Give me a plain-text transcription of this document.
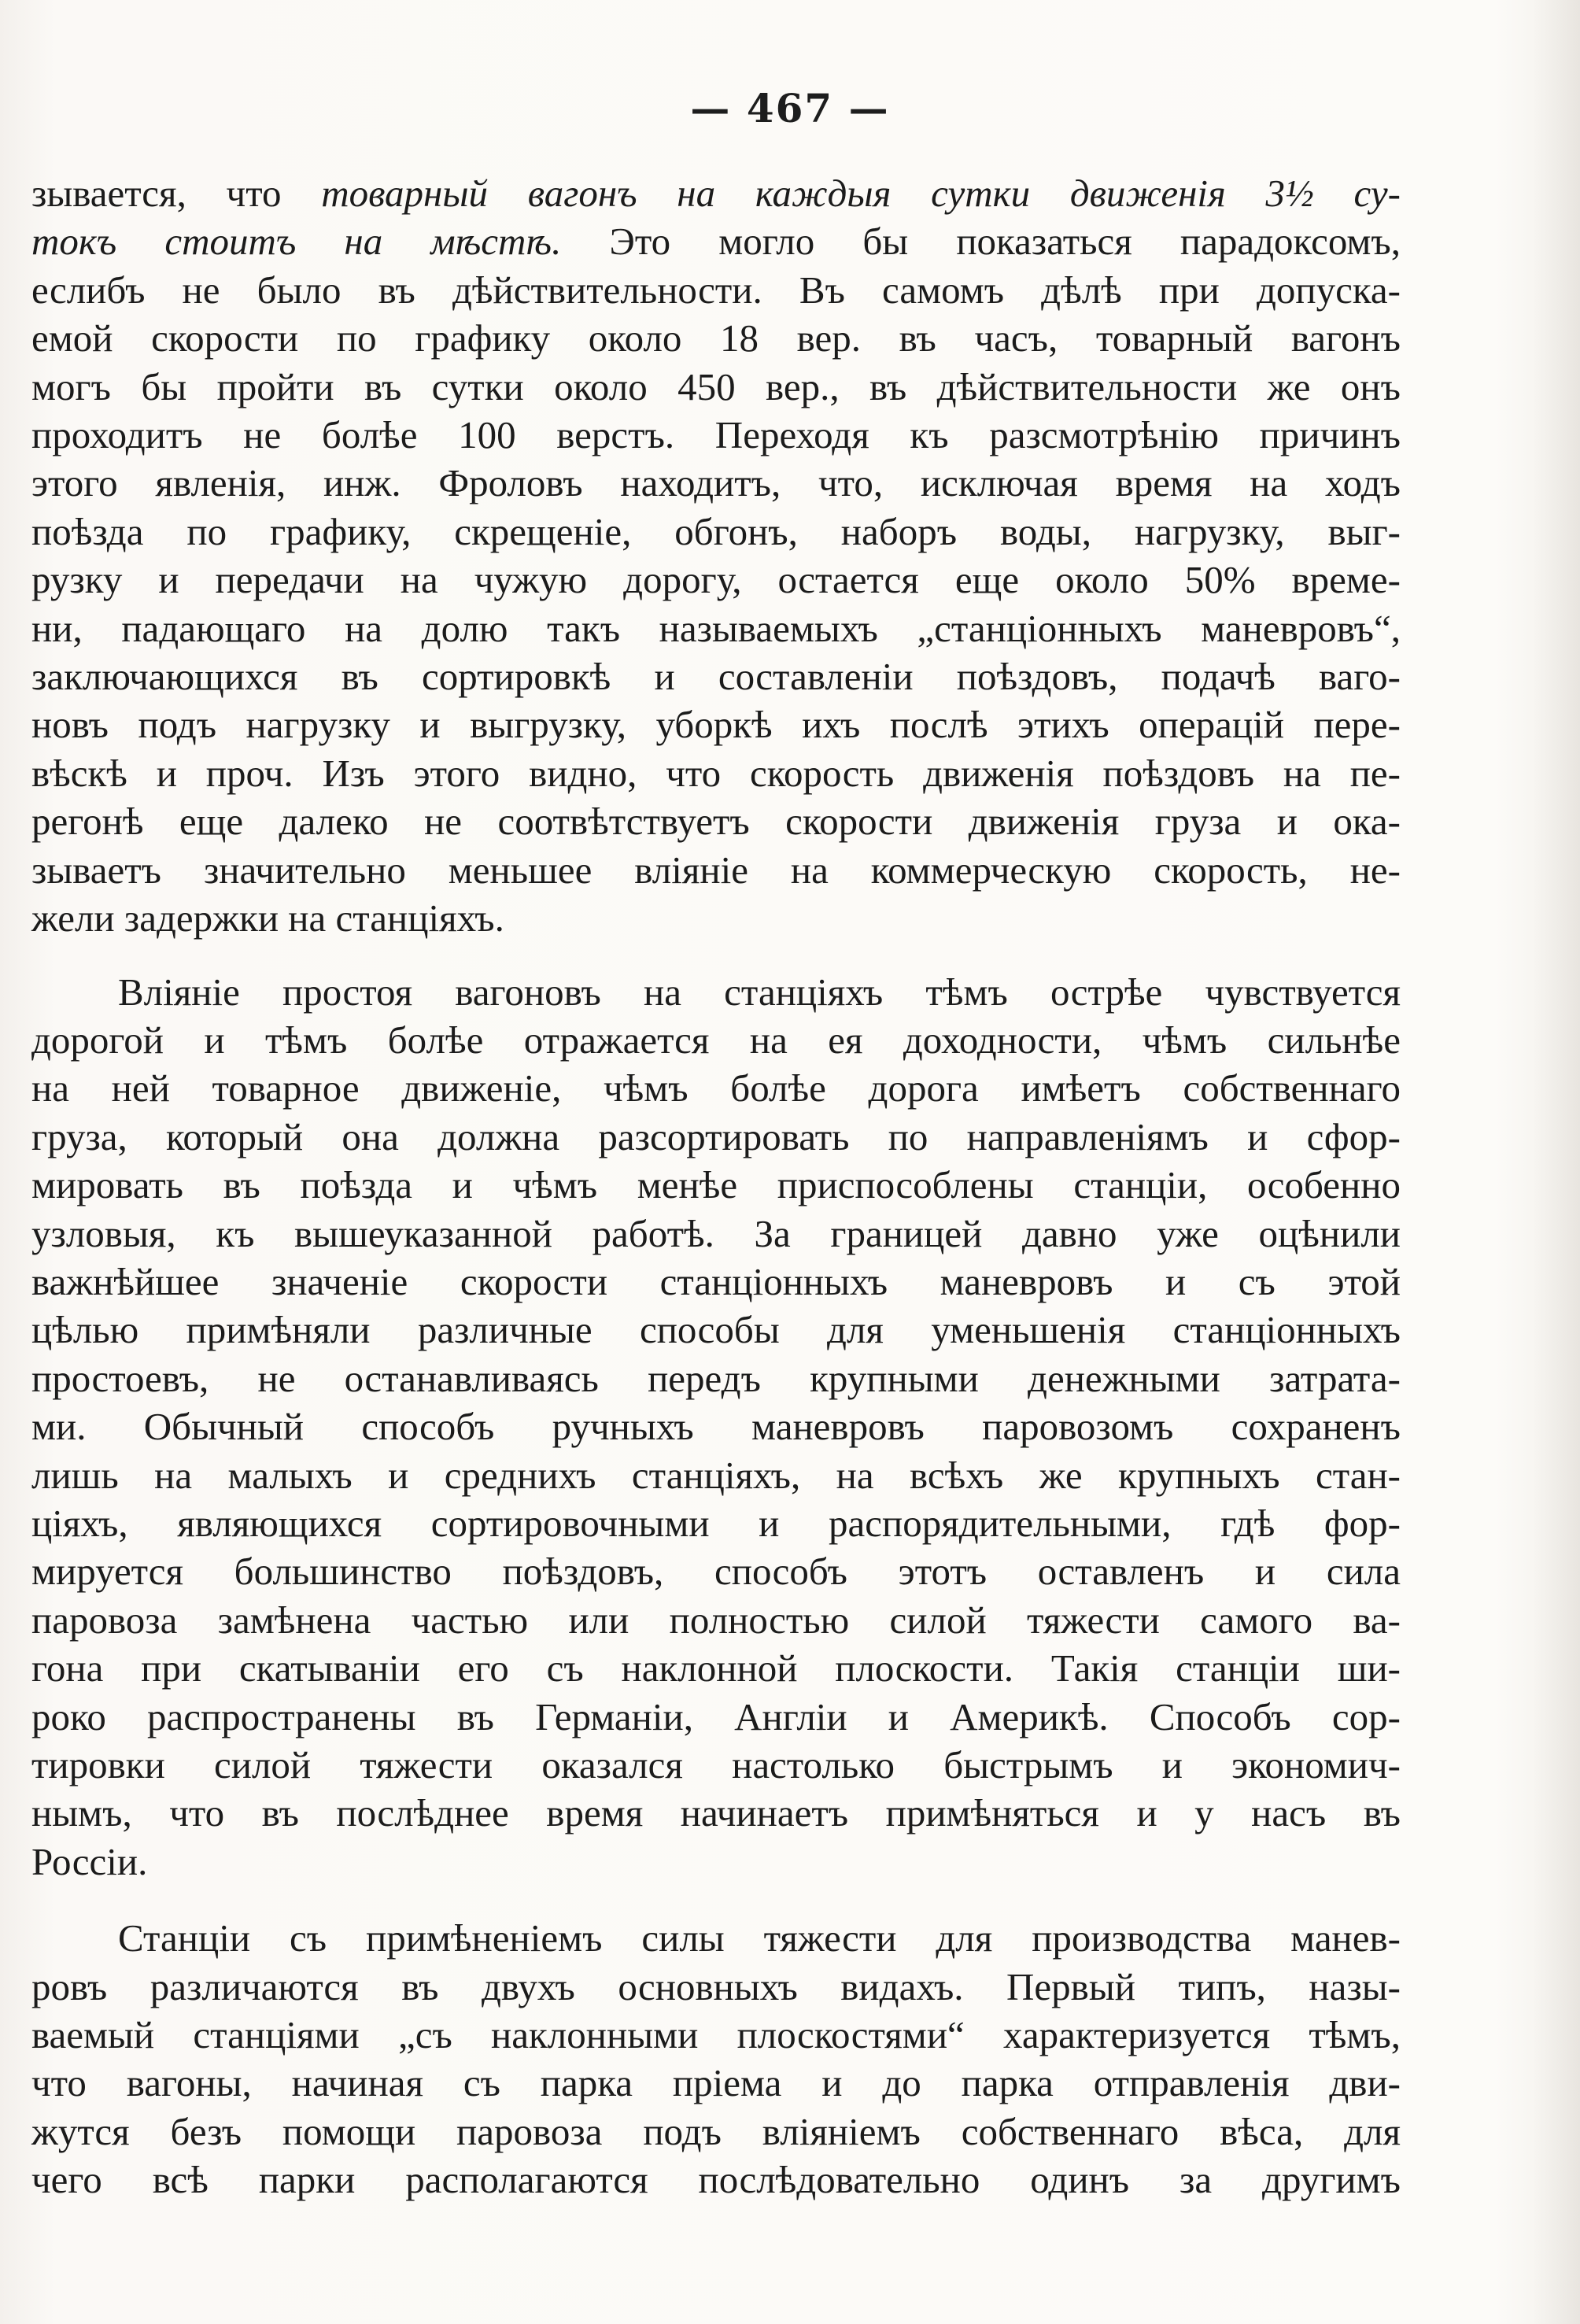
— 467 —
зывается, что товарный вагонъ на каждыя сутки движенія 3½ су-
токъ стоитъ на мѣстѣ. Это могло бы показаться парадоксомъ,
еслибъ не было въ дѣйствительности. Въ самомъ дѣлѣ при допуска-
емой скорости по графику около 18 вер. въ часъ, товарный вагонъ
могъ бы пройти въ сутки около 450 вер., въ дѣйствительности же онъ
проходитъ не болѣе 100 верстъ. Переходя къ разсмотрѣнію причинъ
этого явленія, инж. Фроловъ находитъ, что, исключая время на ходъ
поѣзда по графику, скрещеніе, обгонъ, наборъ воды, нагрузку, выг-
рузку и передачи на чужую дорогу, остается еще около 50% време-
ни, падающаго на долю такъ называемыхъ „станціонныхъ маневровъ“,
заключающихся въ сортировкѣ и составленіи поѣздовъ, подачѣ ваго-
новъ подъ нагрузку и выгрузку, уборкѣ ихъ послѣ этихъ операцій пере-
вѣскѣ и проч. Изъ этого видно, что скорость движенія поѣздовъ на пе-
регонѣ еще далеко не соотвѣтствуетъ скорости движенія груза и ока-
зываетъ значительно меньшее вліяніе на коммерческую скорость, не-
жели задержки на станціяхъ.
Вліяніе простоя вагоновъ на станціяхъ тѣмъ острѣе чувствуется
дорогой и тѣмъ болѣе отражается на ея доходности, чѣмъ сильнѣе
на ней товарное движеніе, чѣмъ болѣе дорога имѣетъ собственнаго
груза, который она должна разсортировать по направленіямъ и сфор-
мировать въ поѣзда и чѣмъ менѣе приспособлены станціи, особенно
узловыя, къ вышеуказанной работѣ. За границей давно уже оцѣнили
важнѣйшее значеніе скорости станціонныхъ маневровъ и съ этой
цѣлью примѣняли различные способы для уменьшенія станціонныхъ
простоевъ, не останавливаясь передъ крупными денежными затрата-
ми. Обычный способъ ручныхъ маневровъ паровозомъ сохраненъ
лишь на малыхъ и среднихъ станціяхъ, на всѣхъ же крупныхъ стан-
ціяхъ, являющихся сортировочными и распорядительными, гдѣ фор-
мируется большинство поѣздовъ, способъ этотъ оставленъ и сила
паровоза замѣнена частью или полностью силой тяжести самого ва-
гона при скатываніи его съ наклонной плоскости. Такія станціи ши-
роко распространены въ Германіи, Англіи и Америкѣ. Способъ сор-
тировки силой тяжести оказался настолько быстрымъ и экономич-
нымъ, что въ послѣднее время начинаетъ примѣняться и у насъ въ
Россіи.
Станціи съ примѣненіемъ силы тяжести для производства манев-
ровъ различаются въ двухъ основныхъ видахъ. Первый типъ, назы-
ваемый станціями „съ наклонными плоскостями“ характеризуется тѣмъ,
что вагоны, начиная съ парка пріема и до парка отправленія дви-
жутся безъ помощи паровоза подъ вліяніемъ собственнаго вѣса, для
чего всѣ парки располагаются послѣдовательно одинъ за другимъ
